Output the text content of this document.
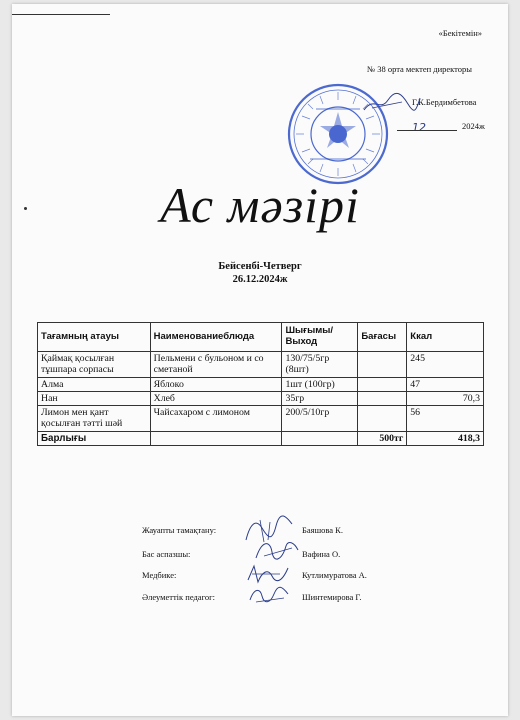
«Бекітемін»
№ 38 орта мектеп директоры
Г.К.Бердимбетова
12	2024ж
Ас мәзірі
Бейсенбі-Четверг
26.12.2024ж
Тағамның атауы	Наименованиеблюда	Шығымы/ Выход	Бағасы	Ккал
Қаймақ қосылған тұшпара сорпасы	Пельмени с бульоном и со сметаной	130/75/5гр (8шт)		245
Алма	Яблоко	1шт (100гр)		47
Нан	Хлеб	35гр		70,3
Лимон мен қант қосылған тәтті шәй	Чайсахаром с лимоном	200/5/10гр		56
Барлығы			500тг	418,3
Жауапты тамақтану:	Баяшова К.
Бас аспазшы:	Вафина О.
Медбике:	Кутлимуратова А.
Әлеуметтік педагог:	Шинтемирова Г.
